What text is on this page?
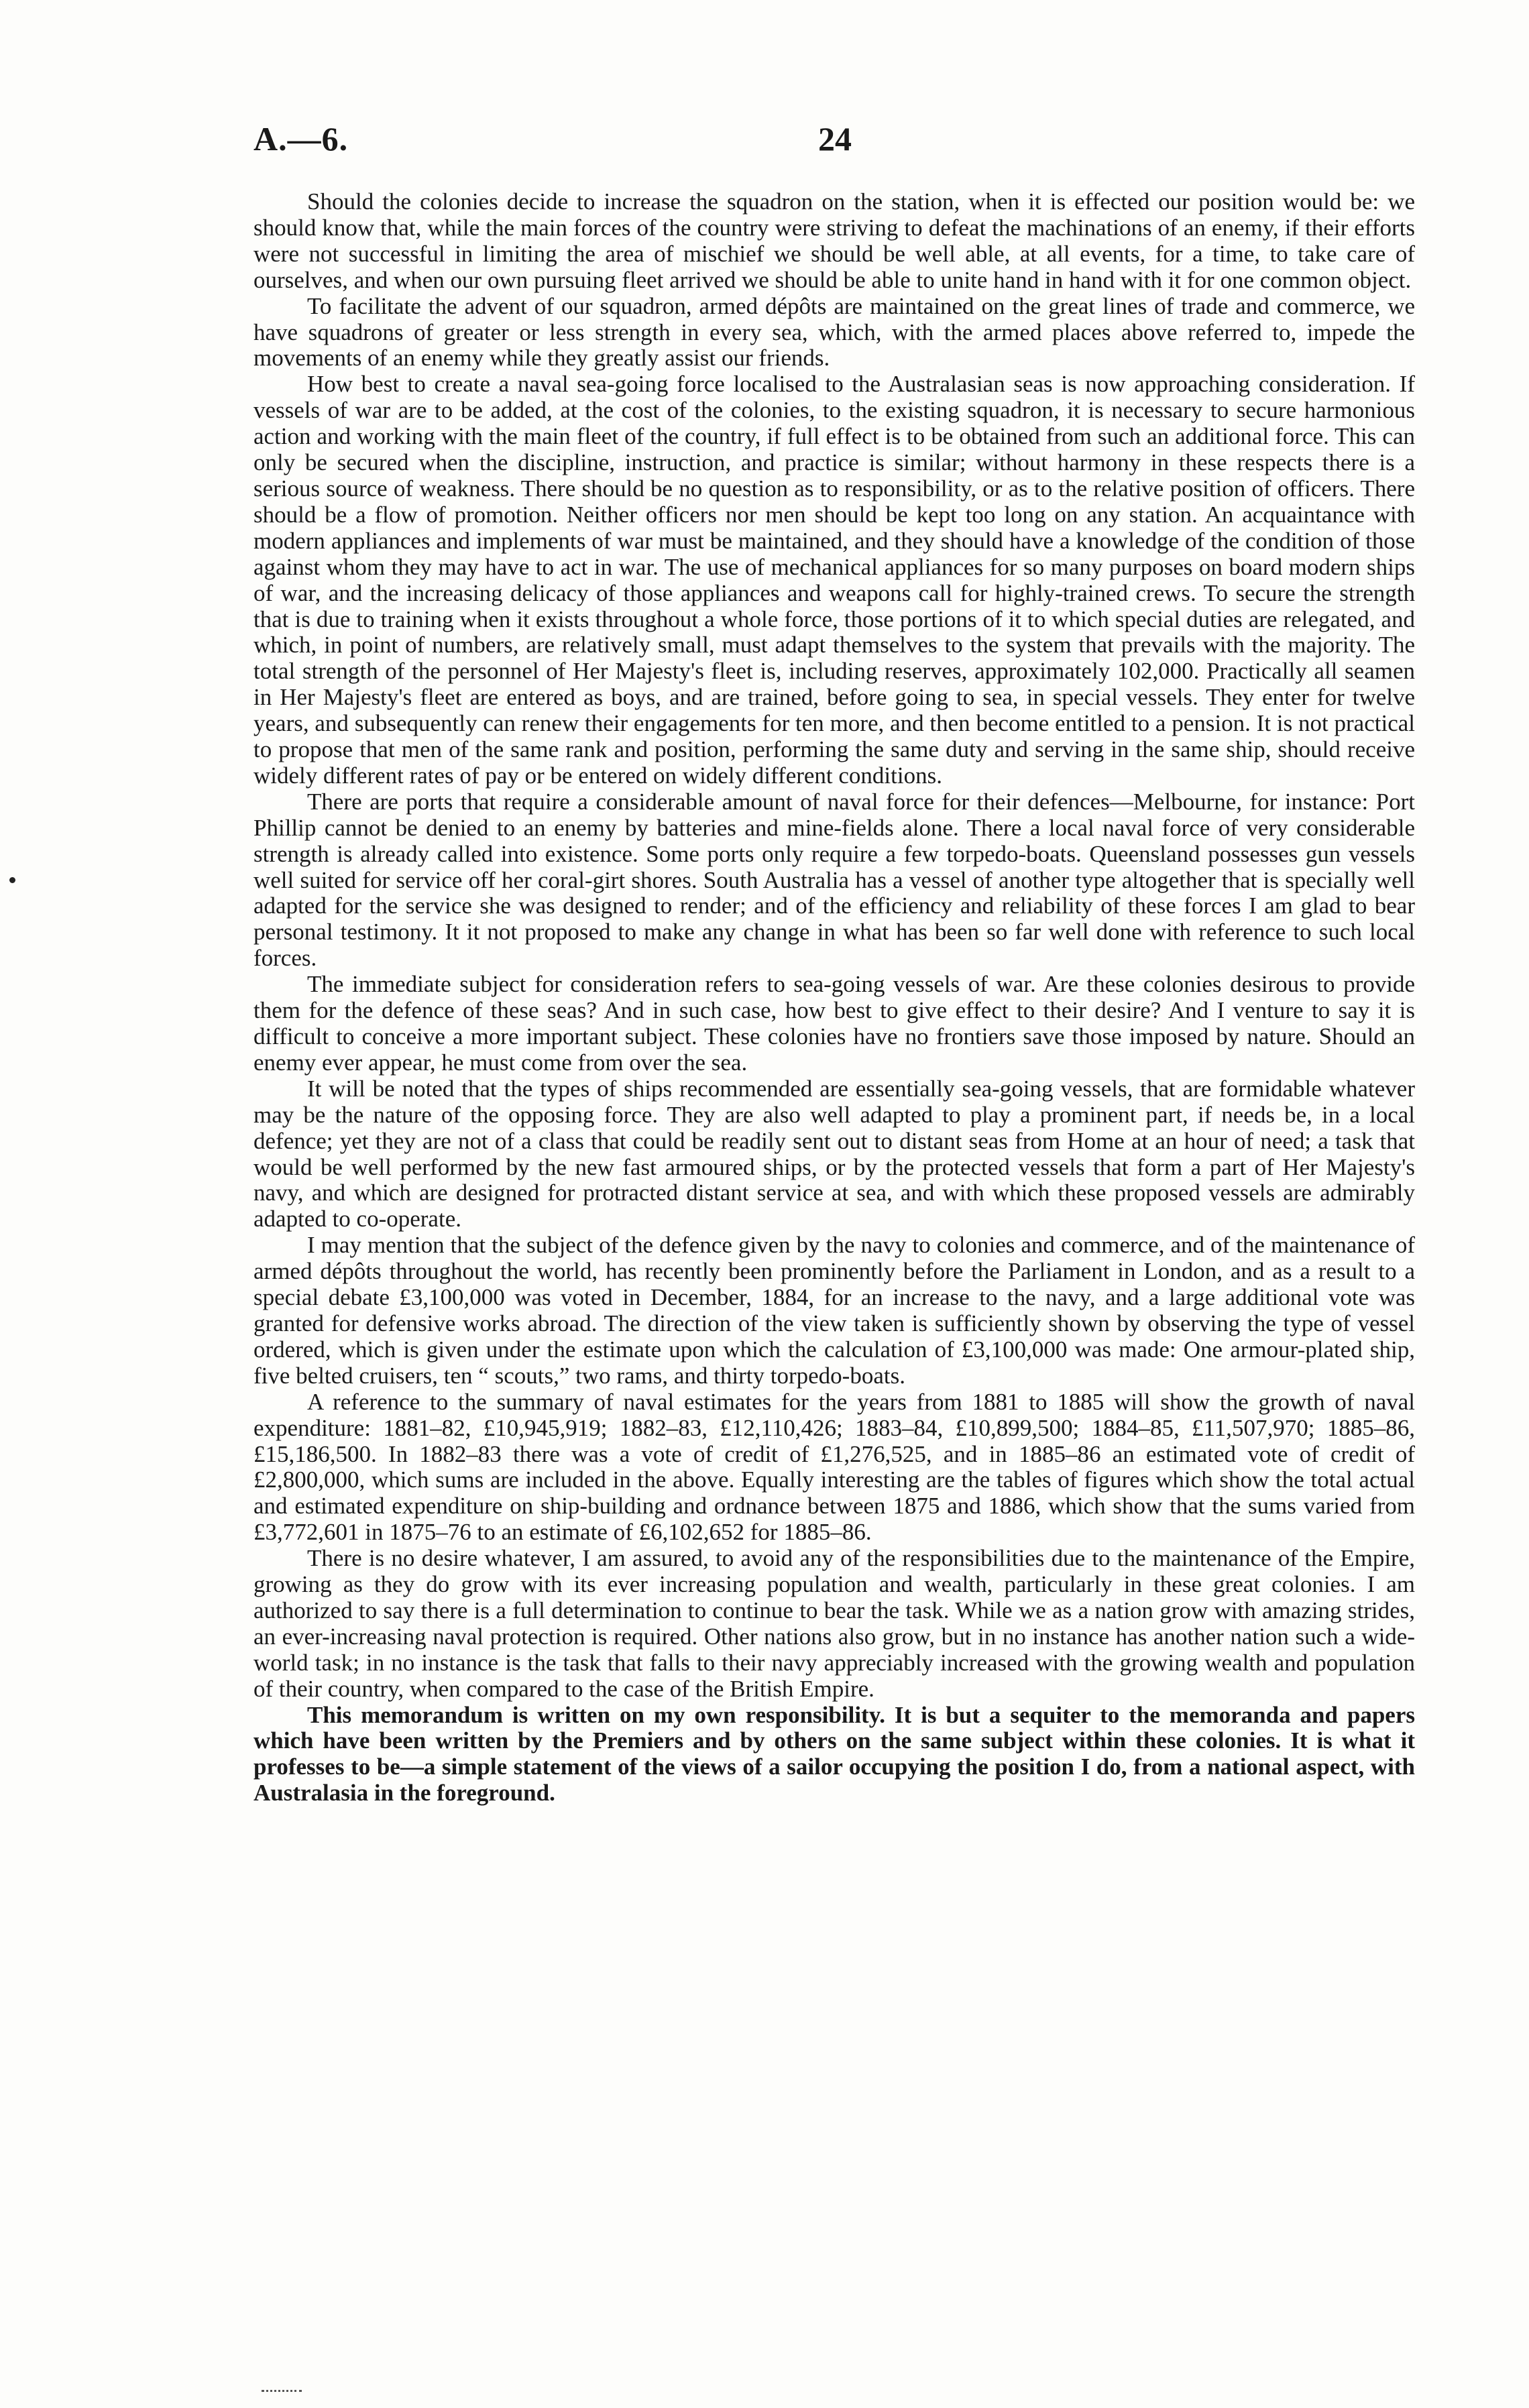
A.—6.	24

Should the colonies decide to increase the squadron on the station, when it is effected our position would be: we should know that, while the main forces of the country were striving to defeat the machinations of an enemy, if their efforts were not successful in limiting the area of mischief we should be well able, at all events, for a time, to take care of ourselves, and when our own pursuing fleet arrived we should be able to unite hand in hand with it for one common object.

To facilitate the advent of our squadron, armed dépôts are maintained on the great lines of trade and commerce, we have squadrons of greater or less strength in every sea, which, with the armed places above referred to, impede the movements of an enemy while they greatly assist our friends.

How best to create a naval sea-going force localised to the Australasian seas is now approaching consideration. If vessels of war are to be added, at the cost of the colonies, to the existing squadron, it is necessary to secure harmonious action and working with the main fleet of the country, if full effect is to be obtained from such an additional force. This can only be secured when the discipline, instruction, and practice is similar; without harmony in these respects there is a serious source of weakness. There should be no question as to responsibility, or as to the relative position of officers. There should be a flow of promotion. Neither officers nor men should be kept too long on any station. An acquaintance with modern appliances and implements of war must be maintained, and they should have a knowledge of the condition of those against whom they may have to act in war. The use of mechanical appliances for so many purposes on board modern ships of war, and the increasing delicacy of those appliances and weapons call for highly-trained crews. To secure the strength that is due to training when it exists throughout a whole force, those portions of it to which special duties are relegated, and which, in point of numbers, are relatively small, must adapt themselves to the system that prevails with the majority. The total strength of the personnel of Her Majesty's fleet is, including reserves, approximately 102,000. Practically all seamen in Her Majesty's fleet are entered as boys, and are trained, before going to sea, in special vessels. They enter for twelve years, and subsequently can renew their engagements for ten more, and then become entitled to a pension. It is not practical to propose that men of the same rank and position, performing the same duty and serving in the same ship, should receive widely different rates of pay or be entered on widely different conditions.

There are ports that require a considerable amount of naval force for their defences—Melbourne, for instance: Port Phillip cannot be denied to an enemy by batteries and mine-fields alone. There a local naval force of very considerable strength is already called into existence. Some ports only require a few torpedo-boats. Queensland possesses gun vessels well suited for service off her coral-girt shores. South Australia has a vessel of another type altogether that is specially well adapted for the service she was designed to render; and of the efficiency and reliability of these forces I am glad to bear personal testimony. It it not proposed to make any change in what has been so far well done with reference to such local forces.

The immediate subject for consideration refers to sea-going vessels of war. Are these colonies desirous to provide them for the defence of these seas? And in such case, how best to give effect to their desire? And I venture to say it is difficult to conceive a more important subject. These colonies have no frontiers save those imposed by nature. Should an enemy ever appear, he must come from over the sea.

It will be noted that the types of ships recommended are essentially sea-going vessels, that are formidable whatever may be the nature of the opposing force. They are also well adapted to play a prominent part, if needs be, in a local defence; yet they are not of a class that could be readily sent out to distant seas from Home at an hour of need; a task that would be well performed by the new fast armoured ships, or by the protected vessels that form a part of Her Majesty's navy, and which are designed for protracted distant service at sea, and with which these proposed vessels are admirably adapted to co-operate.

I may mention that the subject of the defence given by the navy to colonies and commerce, and of the maintenance of armed dépôts throughout the world, has recently been prominently before the Parliament in London, and as a result to a special debate £3,100,000 was voted in December, 1884, for an increase to the navy, and a large additional vote was granted for defensive works abroad. The direction of the view taken is sufficiently shown by observing the type of vessel ordered, which is given under the estimate upon which the calculation of £3,100,000 was made: One armour-plated ship, five belted cruisers, ten “ scouts,” two rams, and thirty torpedo-boats.

A reference to the summary of naval estimates for the years from 1881 to 1885 will show the growth of naval expenditure: 1881–82, £10,945,919; 1882–83, £12,110,426; 1883–84, £10,899,500; 1884–85, £11,507,970; 1885–86, £15,186,500. In 1882–83 there was a vote of credit of £1,276,525, and in 1885–86 an estimated vote of credit of £2,800,000, which sums are included in the above. Equally interesting are the tables of figures which show the total actual and estimated expenditure on ship-building and ordnance between 1875 and 1886, which show that the sums varied from £3,772,601 in 1875–76 to an estimate of £6,102,652 for 1885–86.

There is no desire whatever, I am assured, to avoid any of the responsibilities due to the maintenance of the Empire, growing as they do grow with its ever increasing population and wealth, particularly in these great colonies. I am authorized to say there is a full determination to continue to bear the task. While we as a nation grow with amazing strides, an ever-increasing naval protection is required. Other nations also grow, but in no instance has another nation such a wide-world task; in no instance is the task that falls to their navy appreciably increased with the growing wealth and population of their country, when compared to the case of the British Empire.

This memorandum is written on my own responsibility. It is but a sequiter to the memoranda and papers which have been written by the Premiers and by others on the same subject within these colonies. It is what it professes to be—a simple statement of the views of a sailor occupying the position I do, from a national aspect, with Australasia in the foreground.
